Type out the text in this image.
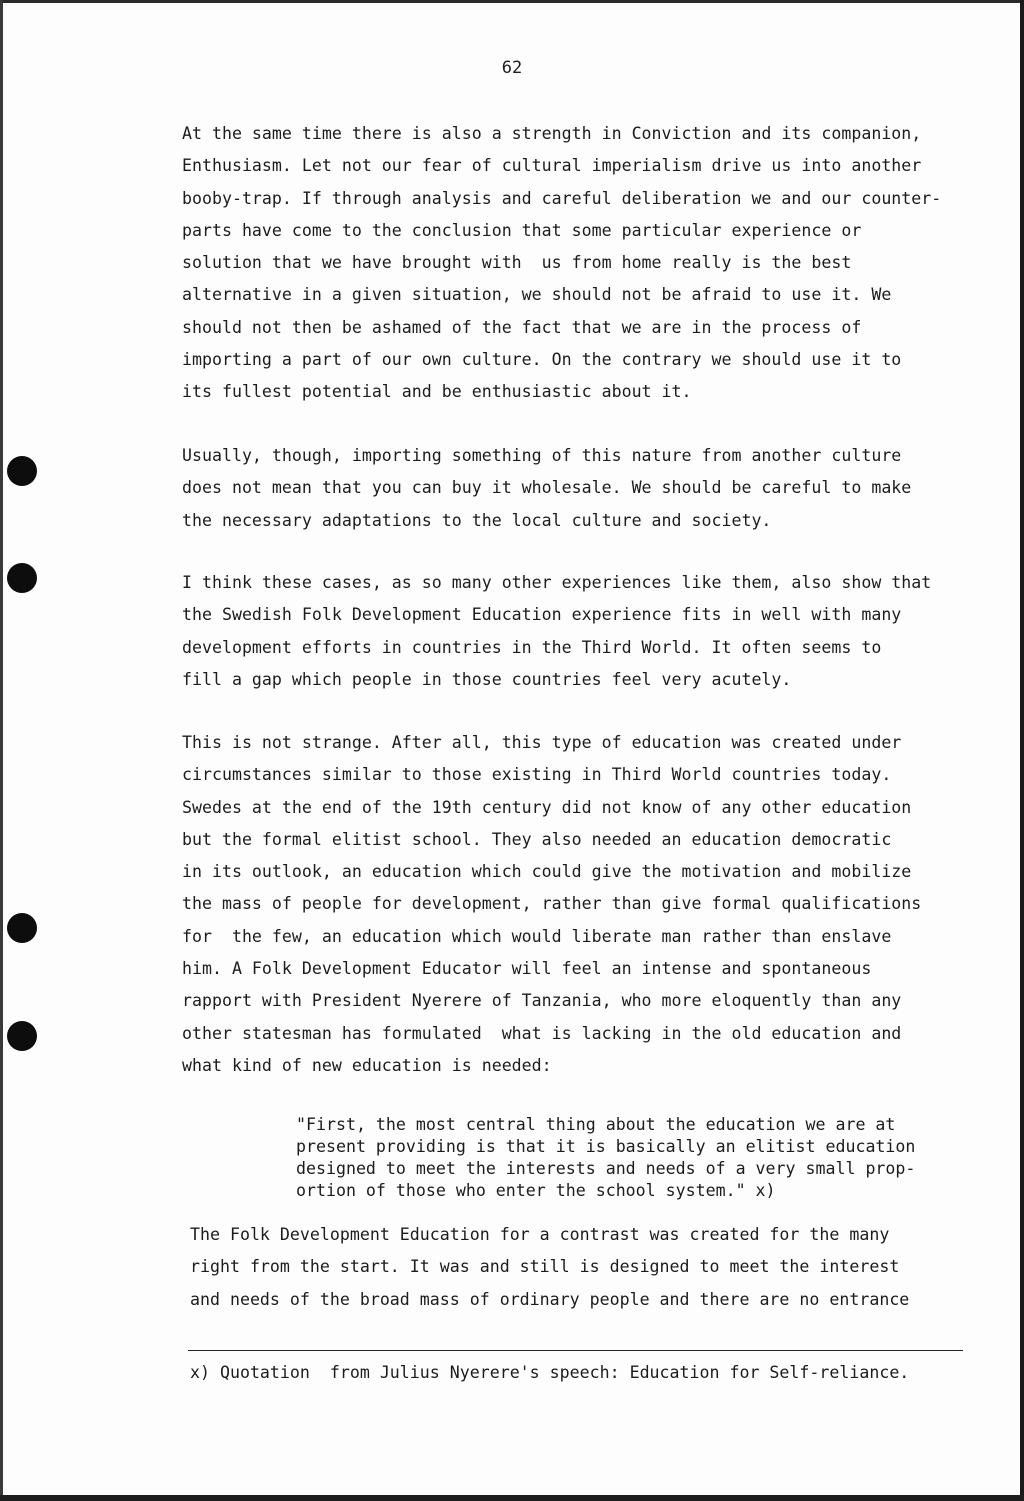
62
At the same time there is also a strength in Conviction and its companion,
Enthusiasm. Let not our fear of cultural imperialism drive us into another
booby-trap. If through analysis and careful deliberation we and our counter-
parts have come to the conclusion that some particular experience or
solution that we have brought with  us from home really is the best
alternative in a given situation, we should not be afraid to use it. We
should not then be ashamed of the fact that we are in the process of
importing a part of our own culture. On the contrary we should use it to
its fullest potential and be enthusiastic about it.
Usually, though, importing something of this nature from another culture
does not mean that you can buy it wholesale. We should be careful to make
the necessary adaptations to the local culture and society.
I think these cases, as so many other experiences like them, also show that
the Swedish Folk Development Education experience fits in well with many
development efforts in countries in the Third World. It often seems to
fill a gap which people in those countries feel very acutely.
This is not strange. After all, this type of education was created under
circumstances similar to those existing in Third World countries today.
Swedes at the end of the 19th century did not know of any other education
but the formal elitist school. They also needed an education democratic
in its outlook, an education which could give the motivation and mobilize
the mass of people for development, rather than give formal qualifications
for  the few, an education which would liberate man rather than enslave
him. A Folk Development Educator will feel an intense and spontaneous
rapport with President Nyerere of Tanzania, who more eloquently than any
other statesman has formulated  what is lacking in the old education and
what kind of new education is needed:
"First, the most central thing about the education we are at
present providing is that it is basically an elitist education
designed to meet the interests and needs of a very small prop-
ortion of those who enter the school system." x)
The Folk Development Education for a contrast was created for the many
right from the start. It was and still is designed to meet the interest
and needs of the broad mass of ordinary people and there are no entrance
x) Quotation  from Julius Nyerere's speech: Education for Self-reliance.
